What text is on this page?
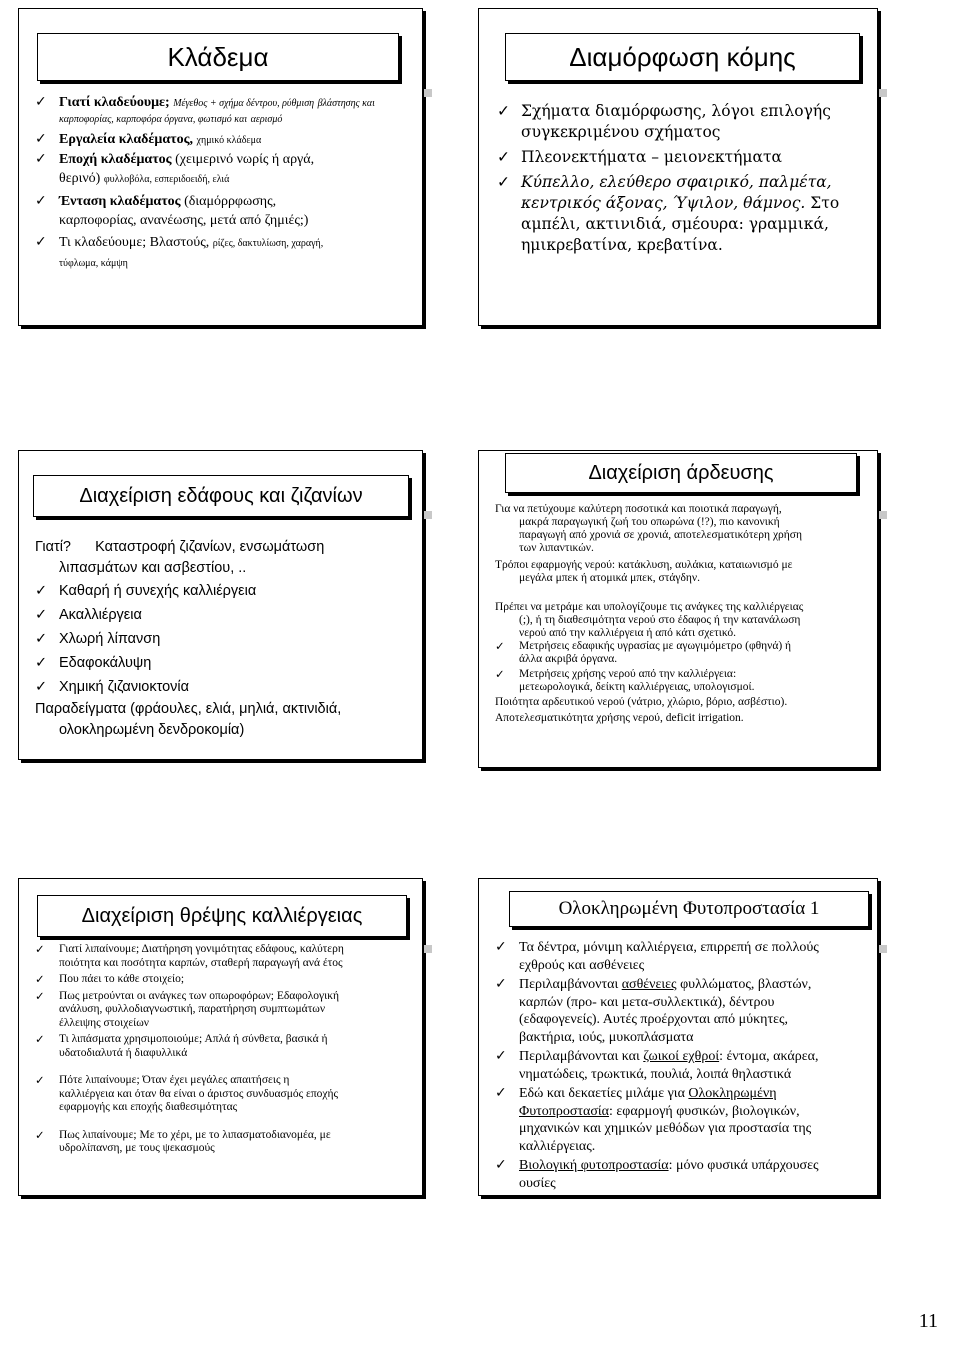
Κλάδεμα
✓ Γιατί κλαδεύουμε; Μέγεθος + σχήμα δέντρου, ρύθμιση βλάστησης και καρποφορίας, καρποφόρα όργανα, φωτισμό και αερισμό
✓ Εργαλεία κλαδέματος, χημικό κλάδεμα
✓ Εποχή κλαδέματος (χειμερινό νωρίς ή αργά,
θερινό) φυλλοβόλα, εσπεριδοειδή, ελιά
✓ Ένταση κλαδέματος (διαμόρρφωσης,
καρποφορίας, ανανέωσης, μετά από ζημιές;)
✓ Τι κλαδεύουμε; Βλαστούς, ρίζες, δακτυλίωση, χαραγή,
τύφλωμα, κάμψη
Διαμόρφωση κόμης
✓ Σχήματα διαμόρφωσης, λόγοι επιλογής
συγκεκριμένου σχήματος
✓ Πλεονεκτήματα – μειονεκτήματα
✓ Κύπελλο, ελεύθερο σφαιρικό, παλμέτα,
κεντρικός άξονας, Ύψιλον, θάμνος. Στο
αμπέλι, ακτινιδιά, σμέουρα: γραμμικά,
ημικρεβατίνα, κρεβατίνα.
Διαχείριση εδάφους και ζιζανίων
Γιατί? Καταστροφή ζιζανίων, ενσωμάτωση
λιπασμάτων και ασβεστίου, ..
✓ Καθαρή ή συνεχής καλλιέργεια
✓ Ακαλλιέργεια
✓ Χλωρή λίπανση
✓ Εδαφοκάλυψη
✓ Χημική ζιζανιοκτονία
Παραδείγματα (φράουλες, ελιά, μηλιά, ακτινιδιά,
ολοκληρωμένη δενδροκομία)
Διαχείριση άρδευσης
Για να πετύχουμε καλύτερη ποσοτικά και ποιοτικά παραγωγή,
μακρά παραγωγική ζωή του οπωρώνα (!?), πιο κανονική
παραγωγή από χρονιά σε χρονιά, αποτελεσματικότερη χρήση
των λιπαντικών.
Τρόποι εφαρμογής νερού: κατάκλυση, αυλάκια, καταιωνισμό με
μεγάλα μπεκ ή ατομικά μπεκ, στάγδην.
Πρέπει να μετράμε και υπολογίζουμε τις ανάγκες της καλλιέργειας
(;), ή τη διαθεσιμότητα νερού στο έδαφος ή την κατανάλωση
νερού από την καλλιέργεια ή από κάτι σχετικό.
✓ Μετρήσεις εδαφικής υγρασίας με αγωγιμόμετρο (φθηνά) ή
άλλα ακριβά όργανα.
✓ Μετρήσεις χρήσης νερού από την καλλιέργεια:
μετεωρολογικά, δείκτη καλλιέργειας, υπολογισμοί.
Ποιότητα αρδευτικού νερού (νάτριο, χλώριο, βόριο, ασβέστιο).
Αποτελεσματικότητα χρήσης νερού, deficit irrigation.
Διαχείριση θρέψης καλλιέργειας
✓ Γιατί λιπαίνουμε; Διατήρηση γονιμότητας εδάφους, καλύτερη
ποιότητα και ποσότητα καρπών, σταθερή παραγωγή ανά έτος
✓ Που πάει το κάθε στοιχείο;
✓ Πως μετρούνται οι ανάγκες των οπωροφόρων; Εδαφολογική
ανάλυση, φυλλοδιαγνωστική, παρατήρηση συμπτωμάτων
έλλειψης στοιχείων
✓ Τι λιπάσματα χρησιμοποιούμε; Απλά ή σύνθετα, βασικά ή
υδατοδιαλυτά ή διαφυλλικά
✓ Πότε λιπαίνουμε; Όταν έχει μεγάλες απαιτήσεις η
καλλιέργεια και όταν θα είναι ο άριστος συνδυασμός εποχής
εφαρμογής και εποχής διαθεσιμότητας
✓ Πως λιπαίνουμε; Με το χέρι, με το λιπασματοδιανομέα, με
υδρολίπανση, με τους ψεκασμούς
Ολοκληρωμένη Φυτοπροστασία 1
✓ Τα δέντρα, μόνιμη καλλιέργεια, επιρρεπή σε πολλούς
εχθρούς και ασθένειες
✓ Περιλαμβάνονται ασθένειες φυλλώματος, βλαστών,
καρπών (προ- και μετα-συλλεκτικά), δέντρου
(εδαφογενείς). Αυτές προέρχονται από μύκητες,
βακτήρια, ιούς, μυκοπλάσματα
✓ Περιλαμβάνονται και ζωικοί εχθροί: έντομα, ακάρεα,
νηματώδεις, τρωκτικά, πουλιά, λοιπά θηλαστικά
✓ Εδώ και δεκαετίες μιλάμε για Ολοκληρωμένη
Φυτοπροστασία: εφαρμογή φυσικών, βιολογικών,
μηχανικών και χημικών μεθόδων για προστασία της
καλλιέργειας.
✓ Βιολογική φυτοπροστασία: μόνο φυσικά υπάρχουσες
ουσίες
11
